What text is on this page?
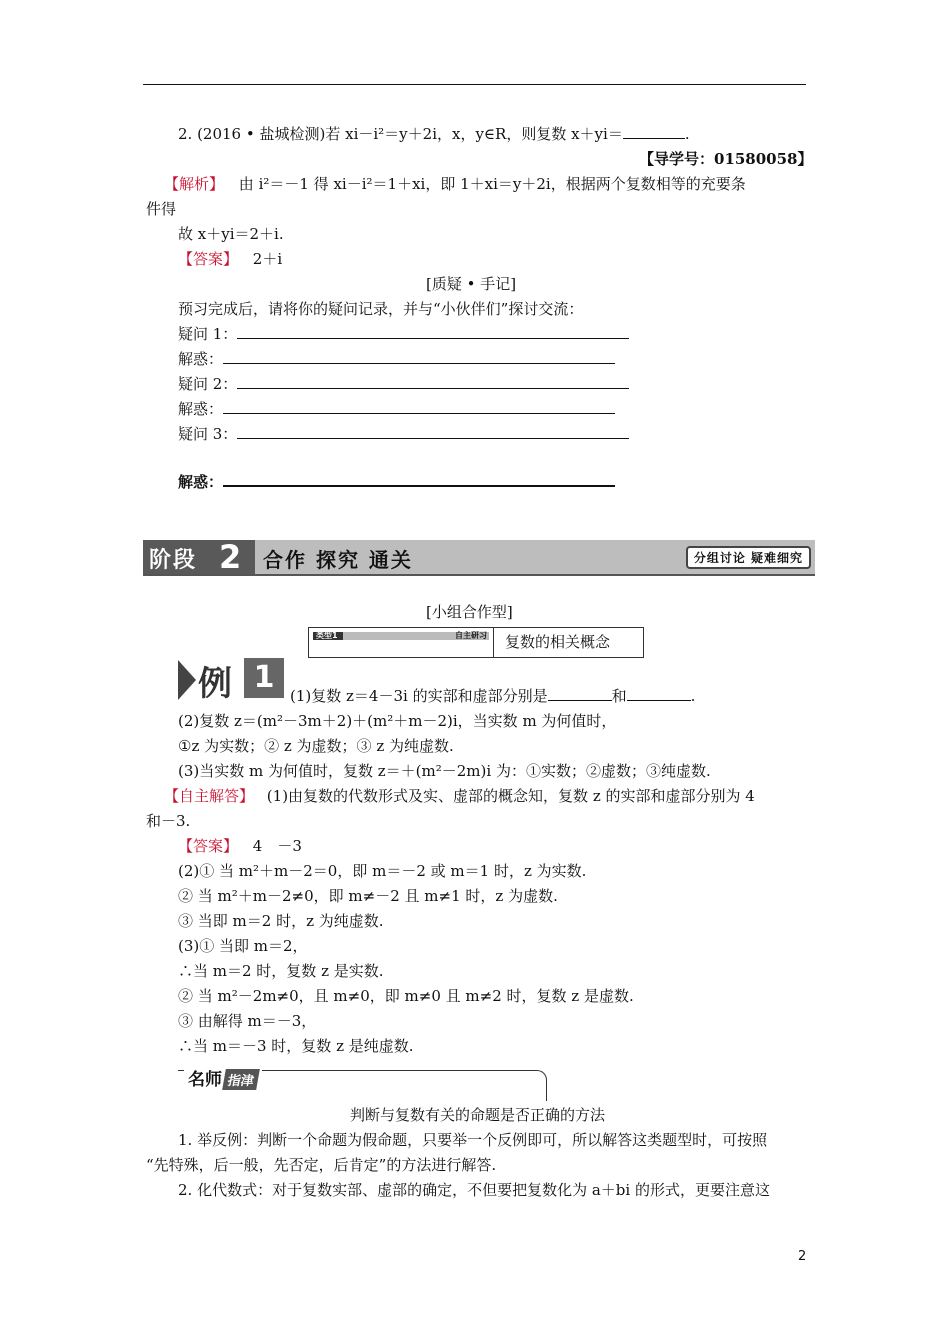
2. (2016 • 盐城检测)若 xi－i²＝y＋2i，x，y∈R，则复数 x＋yi＝	.
【导学号：01580058】
【解析】 由 i²＝－1 得 xi－i²＝1＋xi，即 1＋xi＝y＋2i，根据两个复数相等的充要条
件得
故 x＋yi＝2＋i.
【答案】 2＋i
[质疑 • 手记]
预习完成后，请将你的疑问记录，并与“小伙伴们”探讨交流：
疑问 1：
解惑：
疑问 2：
解惑：
疑问 3：
解惑：
阶段 2 合作 探究 通关	分组讨论 疑难细究
[小组合作型]
类型1	自主研习 复数的相关概念
例 1
(1)复数 z＝4－3i 的实部和虚部分别是	和	.
(2)复数 z＝(m²－3m＋2)＋(m²＋m－2)i，当实数 m 为何值时，
①z 为实数；② z 为虚数；③ z 为纯虚数.
(3)当实数 m 为何值时，复数 z＝＋(m²－2m)i 为：①实数；②虚数；③纯虚数.
【自主解答】 (1)由复数的代数形式及实、虚部的概念知，复数 z 的实部和虚部分别为 4
和－3.
【答案】 4　－3
(2)① 当 m²＋m－2＝0，即 m＝－2 或 m＝1 时，z 为实数.
② 当 m²＋m－2≠0，即 m≠－2 且 m≠1 时，z 为虚数.
③ 当即 m＝2 时，z 为纯虚数.
(3)① 当即 m＝2，
∴当 m＝2 时，复数 z 是实数.
② 当 m²－2m≠0，且 m≠0，即 m≠0 且 m≠2 时，复数 z 是虚数.
③ 由解得 m＝－3，
∴当 m＝－3 时，复数 z 是纯虚数.
名师 指津
判断与复数有关的命题是否正确的方法
1. 举反例：判断一个命题为假命题，只要举一个反例即可，所以解答这类题型时，可按照
“先特殊，后一般，先否定，后肯定”的方法进行解答.
2. 化代数式：对于复数实部、虚部的确定，不但要把复数化为 a＋bi 的形式，更要注意这
2
